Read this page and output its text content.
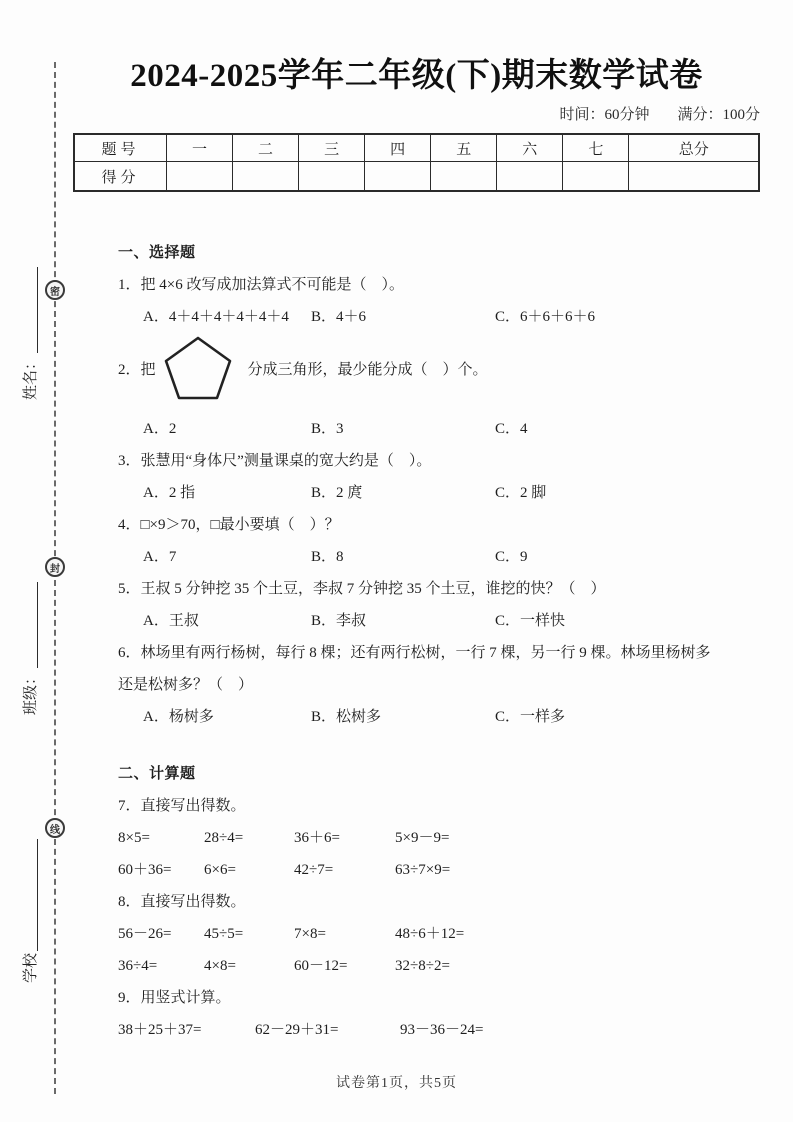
密
封
线
姓名：
班级：
学校
2024-2025学年二年级(下)期末数学试卷
时间：60分钟 满分：100分
题号	一	二	三	四	五	六	七	总分
得分								
一、选择题
1．把 4×6 改写成加法算式不可能是（　）。
A．4＋4＋4＋4＋4＋4	B．4＋6	C．6＋6＋6＋6
2．把	分成三角形，最少能分成（　）个。
A．2	B．3	C．4
3．张慧用“身体尺”测量课桌的宽大约是（　）。
A．2 指	B．2 庹	C．2 脚
4．□×9＞70，□最小要填（　）？
A．7	B．8	C．9
5．王叔 5 分钟挖 35 个土豆，李叔 7 分钟挖 35 个土豆，谁挖的快？（　）
A．王叔	B．李叔	C．一样快
6．林场里有两行杨树，每行 8 棵；还有两行松树，一行 7 棵，另一行 9 棵。林场里杨树多
还是松树多？（　）
A．杨树多	B．松树多	C．一样多
二、计算题
7．直接写出得数。
8×5=	28÷4=	36＋6=	5×9－9=
60＋36=	6×6=	42÷7=	63÷7×9=
8．直接写出得数。
56－26=	45÷5=	7×8=	48÷6＋12=
36÷4=	4×8=	60－12=	32÷8÷2=
9．用竖式计算。
38＋25＋37=	62－29＋31=	93－36－24=
试卷第1页，共5页
